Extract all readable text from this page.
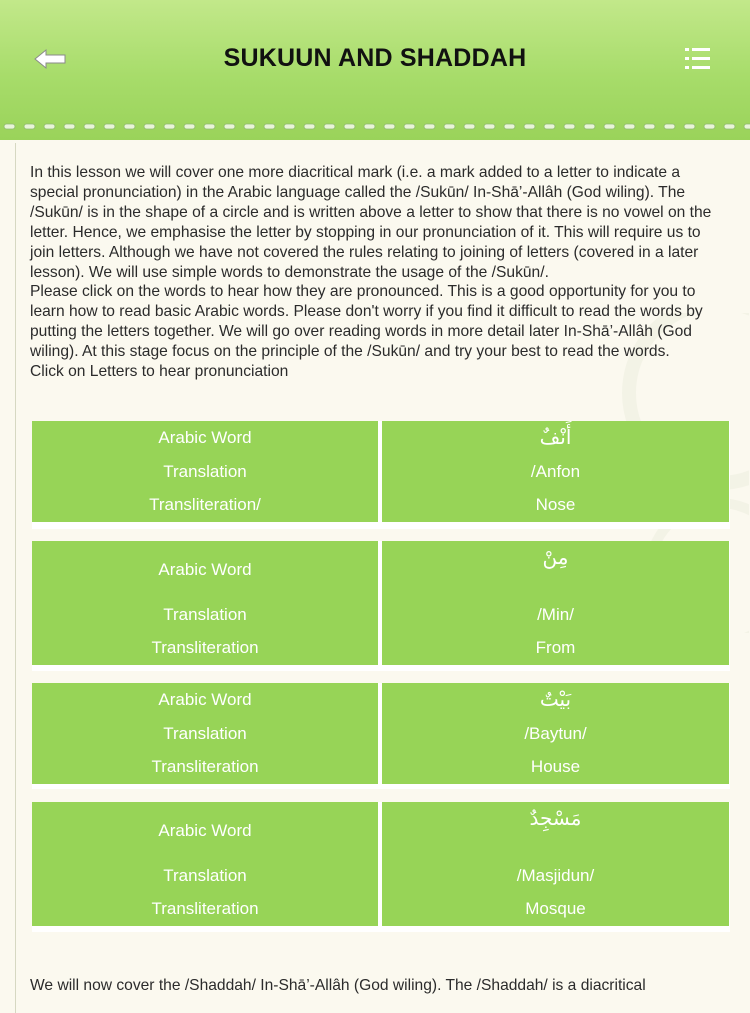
SUKUUN AND SHADDAH

In this lesson we will cover one more diacritical mark (i.e. a mark added to a letter to indicate a special pronunciation) in the Arabic language called the /Sukūn/ In-Shā’-Allâh (God wiling). The /Sukūn/ is in the shape of a circle and is written above a letter to show that there is no vowel on the letter. Hence, we emphasise the letter by stopping in our pronunciation of it. This will require us to join letters. Although we have not covered the rules relating to joining of letters (covered in a later lesson). We will use simple words to demonstrate the usage of the /Sukūn/.

Please click on the words to hear how they are pronounced. This is a good opportunity for you to learn how to read basic Arabic words. Please don't worry if you find it difficult to read the words by putting the letters together. We will go over reading words in more detail later In-Shā’-Allâh (God wiling). At this stage focus on the principle of the /Sukūn/ and try your best to read the words.

Click on Letters to hear pronunciation

Arabic Word	أَنْفٌ
Translation	/Anfon
Transliteration/	Nose
Arabic Word	مِنْ
Translation	/Min/
Transliteration	From
Arabic Word	بَيْتٌ
Translation	/Baytun/
Transliteration	House
Arabic Word	مَسْجِدٌ
Translation	/Masjidun/
Transliteration	Mosque

We will now cover the /Shaddah/ In-Shā’-Allâh (God wiling). The /Shaddah/ is a diacritical
